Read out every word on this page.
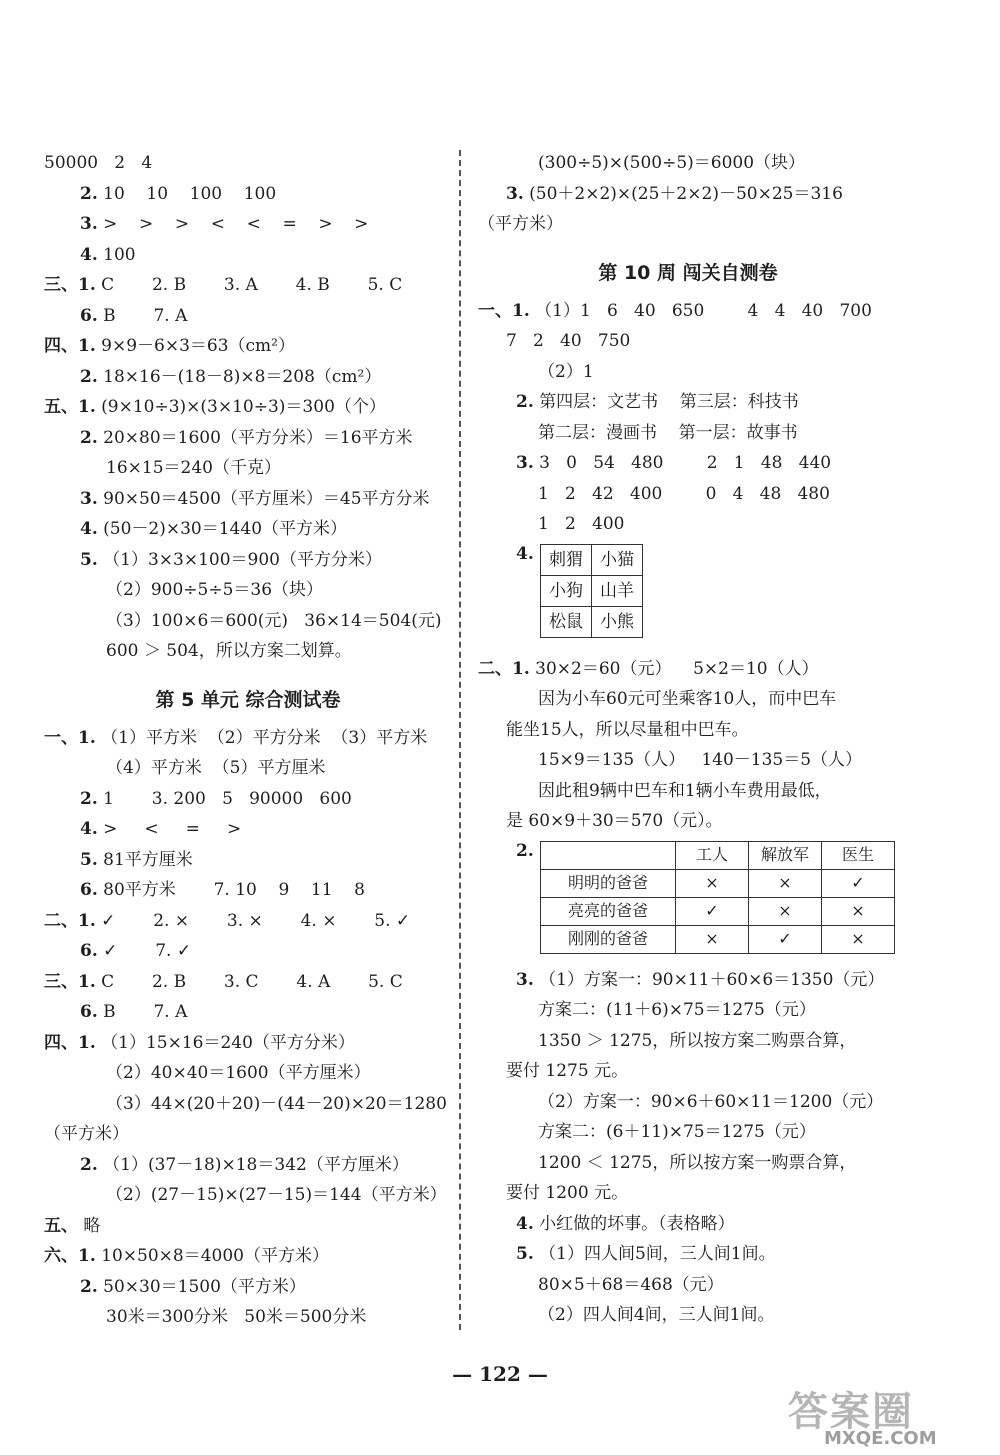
50000   2   4
2. 10    10    100    100
3. >    >    >    <    <    =    >    >
4. 100
三、1. C       2. B       3. A       4. B       5. C
6. B       7. A
四、1. 9×9－6×3＝63（cm²）
2. 18×16－(18－8)×8＝208（cm²）
五、1. (9×10÷3)×(3×10÷3)＝300（个）
2. 20×80＝1600（平方分米）＝16平方米
16×15＝240（千克）
3. 90×50＝4500（平方厘米）＝45平方分米
4. (50－2)×30＝1440（平方米）
5. （1）3×3×100＝900（平方分米）
（2）900÷5÷5＝36（块）
（3）100×6＝600(元)   36×14＝504(元)
600 ＞ 504，所以方案二划算。
第 5 单元 综合测试卷
一、1. （1）平方米  （2）平方分米  （3）平方米
（4）平方米  （5）平方厘米
2. 1       3. 200   5   90000   600
4. >     <     =     >
5. 81平方厘米
6. 80平方米       7. 10    9    11    8
二、1. ✓       2. ×       3. ×       4. ×       5. ✓
6. ✓       7. ✓
三、1. C       2. B       3. C       4. A       5. C
6. B       7. A
四、1. （1）15×16＝240（平方分米）
（2）40×40＝1600（平方厘米）
（3）44×(20＋20)－(44－20)×20＝1280
（平方米）
2. （1）(37－18)×18＝342（平方厘米）
（2）(27－15)×(27－15)＝144（平方米）
五、 略
六、1. 10×50×8＝4000（平方米）
2. 50×30＝1500（平方米）
30米＝300分米   50米＝500分米
(300÷5)×(500÷5)＝6000（块）
3. (50＋2×2)×(25＋2×2)－50×25＝316
（平方米）
第 10 周 闯关自测卷
一、1. （1）1   6   40   650        4   4   40   700
7   2   40   750
（2）1
2. 第四层：文艺书    第三层：科技书
第二层：漫画书    第一层：故事书
3. 3   0   54   480        2   1   48   440
1   2   42   400        0   4   48   480
1   2   400
4. 刺猬	小猫
小狗	山羊
松鼠	小熊
二、1. 30×2＝60（元）    5×2＝10（人）
因为小车60元可坐乘客10人，而中巴车
能坐15人，所以尽量租中巴车。
15×9＝135（人）   140－135＝5（人）
因此租9辆中巴车和1辆小车费用最低，
是 60×9＋30＝570（元）。
2.
		工人	解放军	医生
明明的爸爸	×	×	✓
亮亮的爸爸	✓	×	×
刚刚的爸爸	×	✓	×
3. （1）方案一：90×11＋60×6＝1350（元）
方案二：(11＋6)×75＝1275（元）
1350 ＞ 1275，所以按方案二购票合算，
要付 1275 元。
（2）方案一：90×6＋60×11＝1200（元）
方案二：(6＋11)×75＝1275（元）
1200 ＜ 1275，所以按方案一购票合算，
要付 1200 元。
4. 小红做的坏事。（表格略）
5. （1）四人间5间，三人间1间。
80×5＋68＝468（元）
（2）四人间4间，三人间1间。
— 122 —
答案圈
MXQE.COM
